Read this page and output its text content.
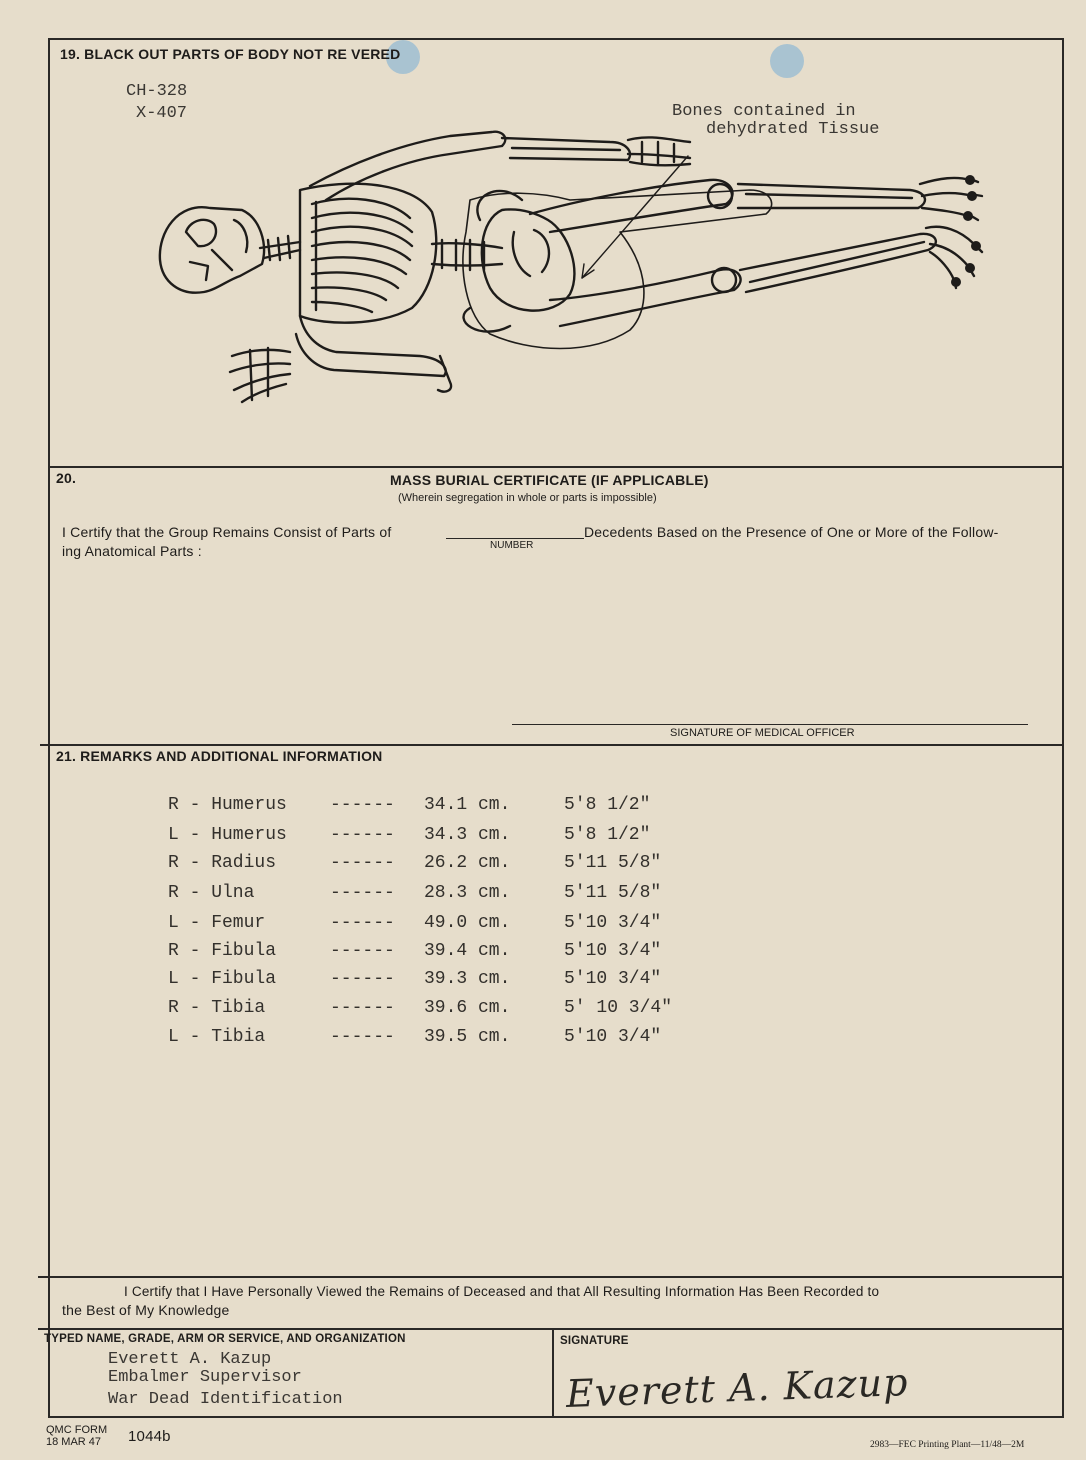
19. BLACK OUT PARTS OF BODY NOT RE VERED
CH-328
X-407	Bones contained in
dehydrated Tissue
20.	MASS BURIAL CERTIFICATE (IF APPLICABLE)
(Wherein segregation in whole or parts is impossible)
I Certify that the Group Remains Consist of Parts of
NUMBER
Decedents Based on the Presence of One or More of the Follow-
ing Anatomical Parts :
SIGNATURE OF MEDICAL OFFICER
21. REMARKS AND ADDITIONAL INFORMATION
R - Humerus ------ 34.1 cm.	5'8 1/2"
L - Humerus ------ 34.3 cm.	5'8 1/2"
R - Radius	------ 26.2 cm.	5'11 5/8"
R - Ulna	------ 28.3 cm.	5'11 5/8"
L - Femur	------ 49.0 cm.	5'10 3/4"
R - Fibula	------ 39.4 cm.	5'10 3/4"
L - Fibula	------ 39.3 cm.	5'10 3/4"
R - Tibia	------ 39.6 cm.	5' 10 3/4"
L - Tibia	------ 39.5 cm.	5'10 3/4"
I Certify that I Have Personally Viewed the Remains of Deceased and that All Resulting Information Has Been Recorded to
the Best of My Knowledge
TYPED NAME, GRADE, ARM OR SERVICE, AND ORGANIZATION
Everett A. Kazup
Embalmer Supervisor
War Dead Identification
SIGNATURE
Everett A. Kazup
QMC FORM
18 MAR 47 1044b	2983—FEC Printing Plant—11/48—2M
